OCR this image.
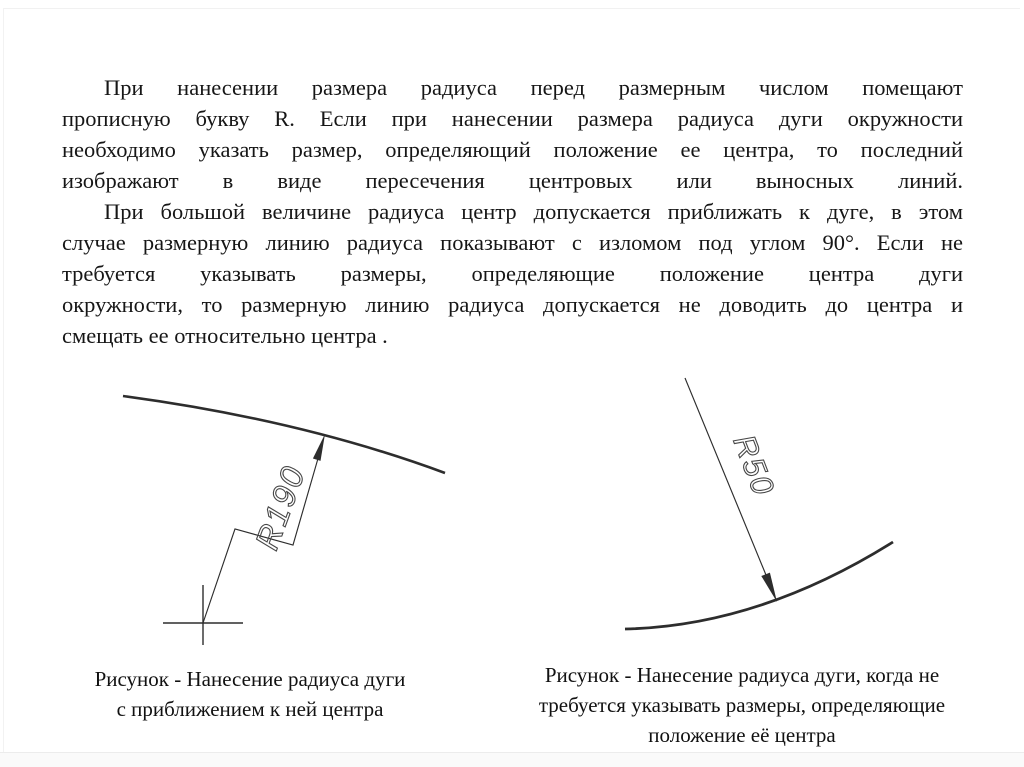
При нанесении размера радиуса перед размерным числом помещают
прописную букву R. Если при нанесении размера радиуса дуги окружности
необходимо указать размер, определяющий положение ее центра, то последний
изображают в виде пересечения центровых или выносных линий.
При большой величине радиуса центр допускается приближать к дуге, в этом
случае размерную линию радиуса показывают с изломом под углом 90°. Если не
требуется указывать размеры, определяющие положение центра дуги
окружности, то размерную линию радиуса допускается не доводить до центра и
смещать ее относительно центра .
R190	R50
Рисунок - Нанесение радиуса дуги
с приближением к ней центра
Рисунок - Нанесение радиуса дуги, когда не
требуется указывать размеры, определяющие
положение её центра
